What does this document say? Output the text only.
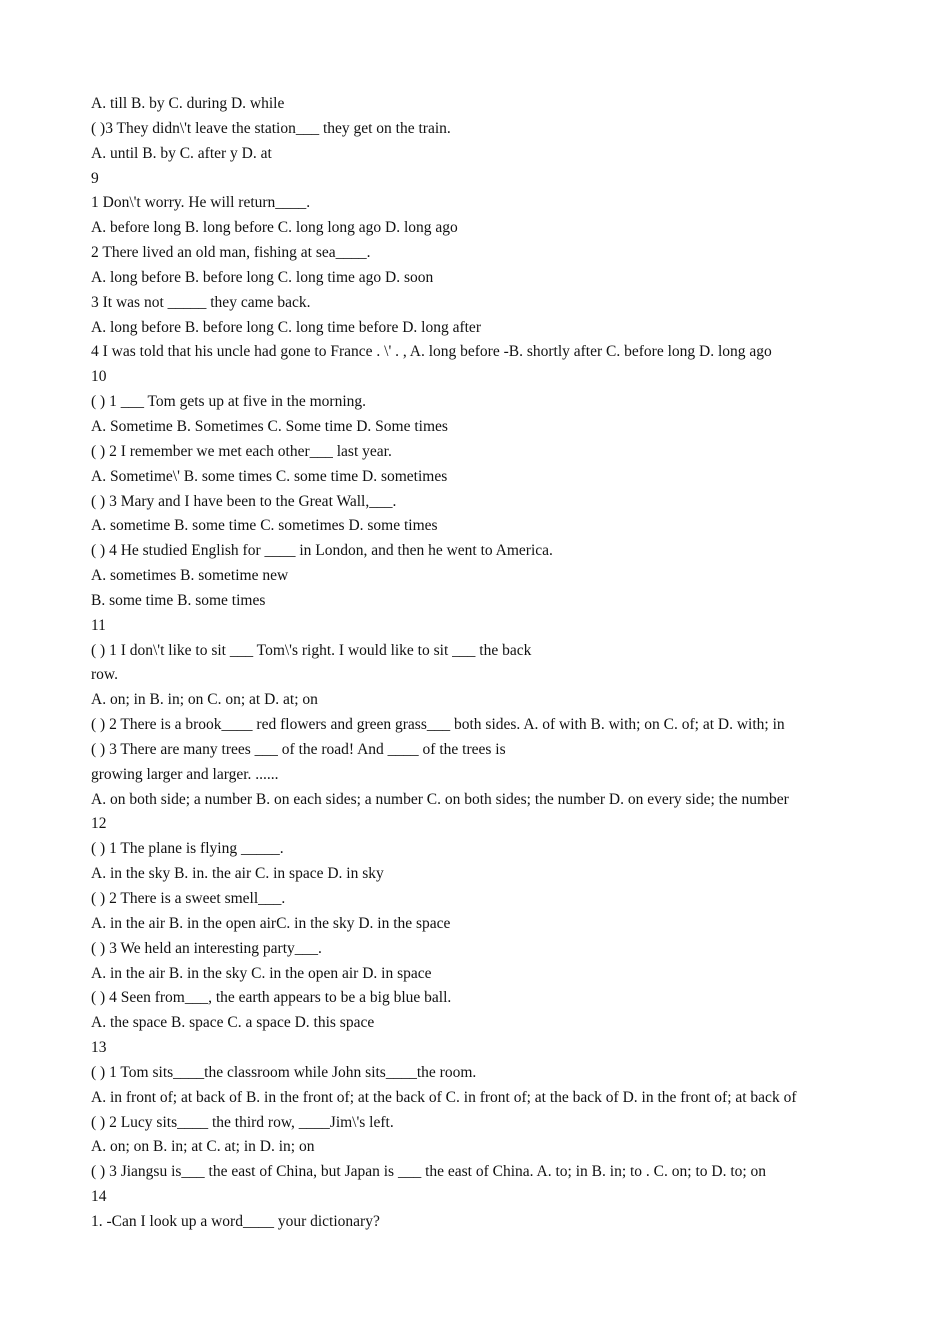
A. till B. by C. during D. while
( )3 They didn\'t leave the station___ they get on the train.
A. until B. by C. after y D. at
9
1 Don\'t worry. He will return____.
A. before long B. long before C. long long ago D. long ago
2 There lived an old man, fishing at sea____.
A. long before B. before long C. long time ago D. soon
3 It was not _____ they came back.
A. long before B. before long C. long time before D. long after
4 I was told that his uncle had gone to France . \' . , A. long before -B. shortly after C. before long D. long ago
10
( ) 1 ___ Tom gets up at five in the morning.
A. Sometime B. Sometimes C. Some time D. Some times
( ) 2 I remember we met each other___ last year.
A. Sometime\' B. some times C. some time D. sometimes
( ) 3 Mary and I have been to the Great Wall,___.
A. sometime B. some time C. sometimes D. some times
( ) 4 He studied English for ____ in London, and then he went to America.
A. sometimes B. sometime new
B. some time B. some times
11
( ) 1 I don\'t like to sit ___ Tom\'s right. I would like to sit ___ the back
row.
A. on; in B. in; on C. on; at D. at; on
( ) 2 There is a brook____ red flowers and green grass___ both sides. A. of with B. with; on C. of; at D. with; in
( ) 3 There are many trees ___ of the road! And ____ of the trees is
growing larger and larger. ......
A. on both side; a number B. on each sides; a number C. on both sides; the number D. on every side; the number
12
( ) 1 The plane is flying _____.
A. in the sky B. in. the air C. in space D. in sky
( ) 2 There is a sweet smell___.
A. in the air B. in the open airC. in the sky D. in the space
( ) 3 We held an interesting party___.
A. in the air B. in the sky C. in the open air D. in space
( ) 4 Seen from___, the earth appears to be a big blue ball.
A. the space B. space C. a space D. this space
13
( ) 1 Tom sits____the classroom while John sits____the room.
A. in front of; at back of B. in the front of; at the back of C. in front of; at the back of D. in the front of; at back of
( ) 2 Lucy sits____ the third row, ____Jim\'s left.
A. on; on B. in; at C. at; in D. in; on
( ) 3 Jiangsu is___ the east of China, but Japan is ___ the east of China. A. to; in B. in; to . C. on; to D. to; on
14
1. -Can I look up a word____ your dictionary?
